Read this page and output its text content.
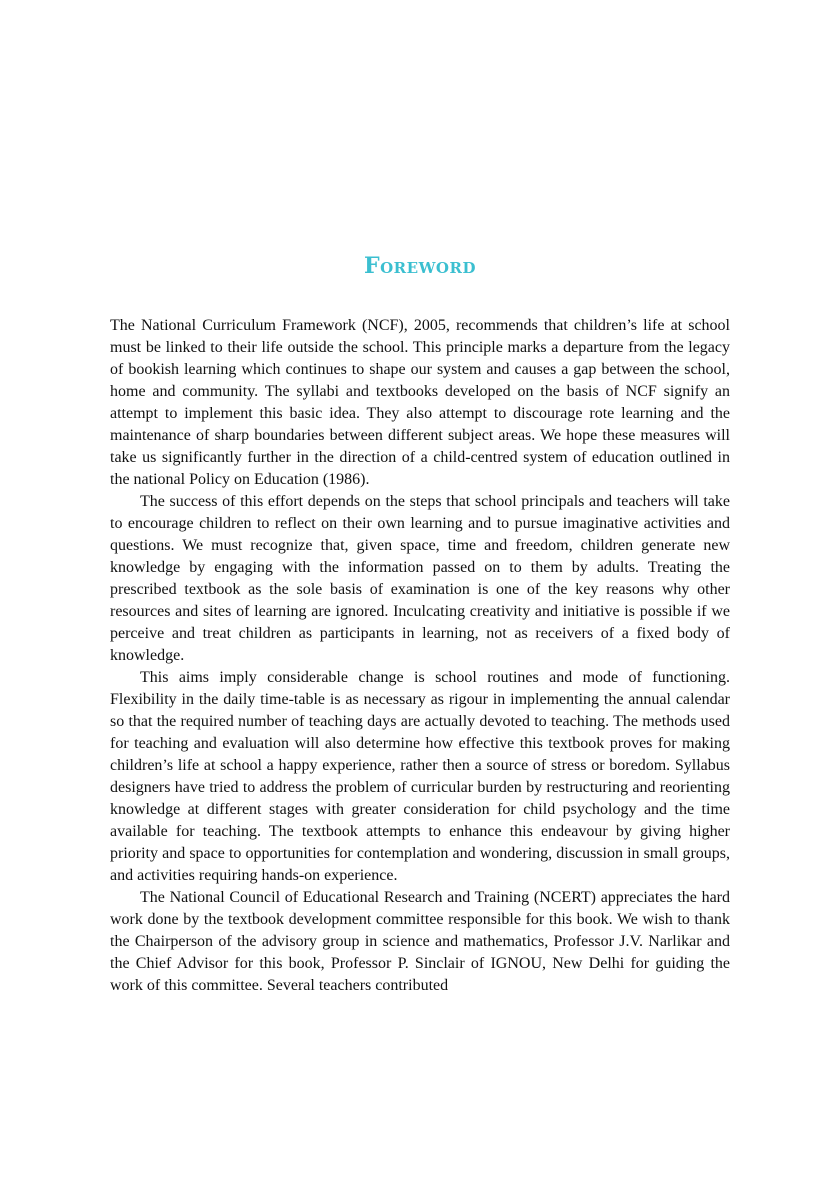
Foreword

The National Curriculum Framework (NCF), 2005, recommends that children’s life at school must be linked to their life outside the school. This principle marks a departure from the legacy of bookish learning which continues to shape our system and causes a gap between the school, home and community. The syllabi and textbooks developed on the basis of NCF signify an attempt to implement this basic idea. They also attempt to discourage rote learning and the maintenance of sharp boundaries between different subject areas. We hope these measures will take us significantly further in the direction of a child-centred system of education outlined in the national Policy on Education (1986).

The success of this effort depends on the steps that school principals and teachers will take to encourage children to reflect on their own learning and to pursue imaginative activities and questions. We must recognize that, given space, time and freedom, children generate new knowledge by engaging with the information passed on to them by adults. Treating the prescribed textbook as the sole basis of examination is one of the key reasons why other resources and sites of learning are ignored. Inculcating creativity and initiative is possible if we perceive and treat children as participants in learning, not as receivers of a fixed body of knowledge.

This aims imply considerable change is school routines and mode of functioning. Flexibility in the daily time-table is as necessary as rigour in implementing the annual calendar so that the required number of teaching days are actually devoted to teaching. The methods used for teaching and evaluation will also determine how effective this textbook proves for making children’s life at school a happy experience, rather then a source of stress or boredom. Syllabus designers have tried to address the problem of curricular burden by restructuring and reorienting knowledge at different stages with greater consideration for child psychology and the time available for teaching. The textbook attempts to enhance this endeavour by giving higher priority and space to opportunities for contemplation and wondering, discussion in small groups, and activities requiring hands-on experience.

The National Council of Educational Research and Training (NCERT) appreciates the hard work done by the textbook development committee responsible for this book. We wish to thank the Chairperson of the advisory group in science and mathematics, Professor J.V. Narlikar and the Chief Advisor for this book, Professor P. Sinclair of IGNOU, New Delhi for guiding the work of this committee. Several teachers contributed
